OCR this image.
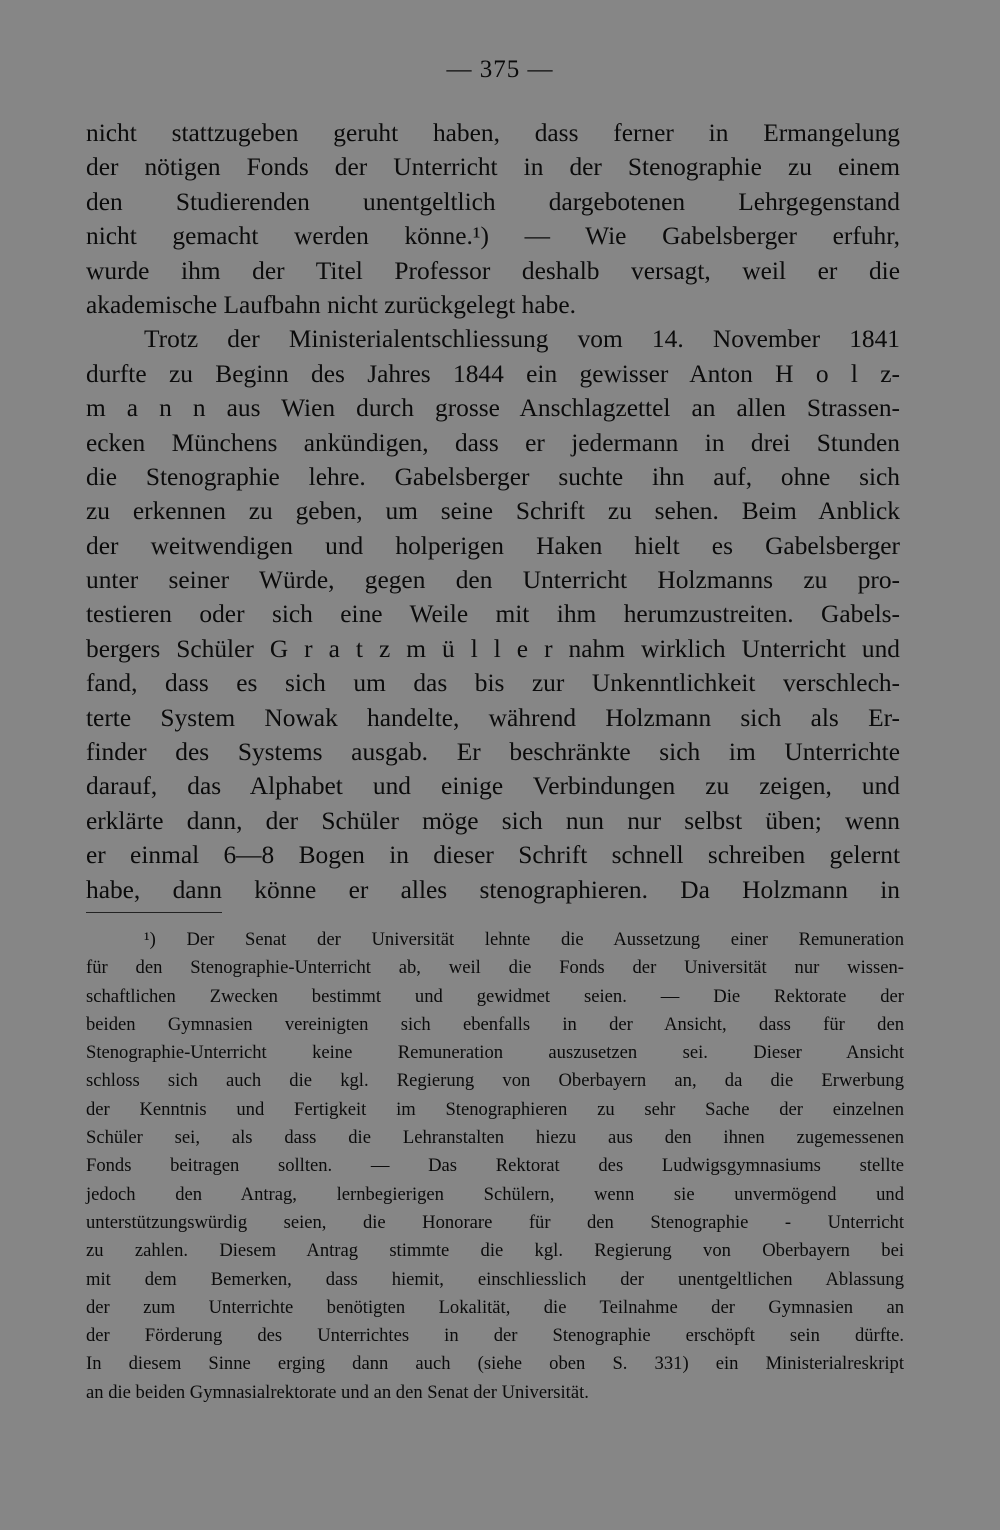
— 375 —
nicht stattzugeben geruht haben, dass ferner in Ermangelung
der nötigen Fonds der Unterricht in der Stenographie zu einem
den Studierenden unentgeltlich dargebotenen Lehrgegenstand
nicht gemacht werden könne.¹) — Wie Gabelsberger erfuhr,
wurde ihm der Titel Professor deshalb versagt, weil er die
akademische Laufbahn nicht zurückgelegt habe.
Trotz der Ministerialentschliessung vom 14. November 1841
durfte zu Beginn des Jahres 1844 ein gewisser Anton H o l z-
m a n n aus Wien durch grosse Anschlagzettel an allen Strassen-
ecken Münchens ankündigen, dass er jedermann in drei Stunden
die Stenographie lehre. Gabelsberger suchte ihn auf, ohne sich
zu erkennen zu geben, um seine Schrift zu sehen. Beim Anblick
der weitwendigen und holperigen Haken hielt es Gabelsberger
unter seiner Würde, gegen den Unterricht Holzmanns zu pro-
testieren oder sich eine Weile mit ihm herumzustreiten. Gabels-
bergers Schüler G r a t z m ü l l e r nahm wirklich Unterricht und
fand, dass es sich um das bis zur Unkenntlichkeit verschlech-
terte System Nowak handelte, während Holzmann sich als Er-
finder des Systems ausgab. Er beschränkte sich im Unterrichte
darauf, das Alphabet und einige Verbindungen zu zeigen, und
erklärte dann, der Schüler möge sich nun nur selbst üben; wenn
er einmal 6—8 Bogen in dieser Schrift schnell schreiben gelernt
habe, dann könne er alles stenographieren. Da Holzmann in
¹) Der Senat der Universität lehnte die Aussetzung einer Remuneration
für den Stenographie-Unterricht ab, weil die Fonds der Universität nur wissen-
schaftlichen Zwecken bestimmt und gewidmet seien. — Die Rektorate der
beiden Gymnasien vereinigten sich ebenfalls in der Ansicht, dass für den
Stenographie-Unterricht keine Remuneration auszusetzen sei. Dieser Ansicht
schloss sich auch die kgl. Regierung von Oberbayern an, da die Erwerbung
der Kenntnis und Fertigkeit im Stenographieren zu sehr Sache der einzelnen
Schüler sei, als dass die Lehranstalten hiezu aus den ihnen zugemessenen
Fonds beitragen sollten. — Das Rektorat des Ludwigsgymnasiums stellte
jedoch den Antrag, lernbegierigen Schülern, wenn sie unvermögend und
unterstützungswürdig seien, die Honorare für den Stenographie - Unterricht
zu zahlen. Diesem Antrag stimmte die kgl. Regierung von Oberbayern bei
mit dem Bemerken, dass hiemit, einschliesslich der unentgeltlichen Ablassung
der zum Unterrichte benötigten Lokalität, die Teilnahme der Gymnasien an
der Förderung des Unterrichtes in der Stenographie erschöpft sein dürfte.
In diesem Sinne erging dann auch (siehe oben S. 331) ein Ministerialreskript
an die beiden Gymnasialrektorate und an den Senat der Universität.
